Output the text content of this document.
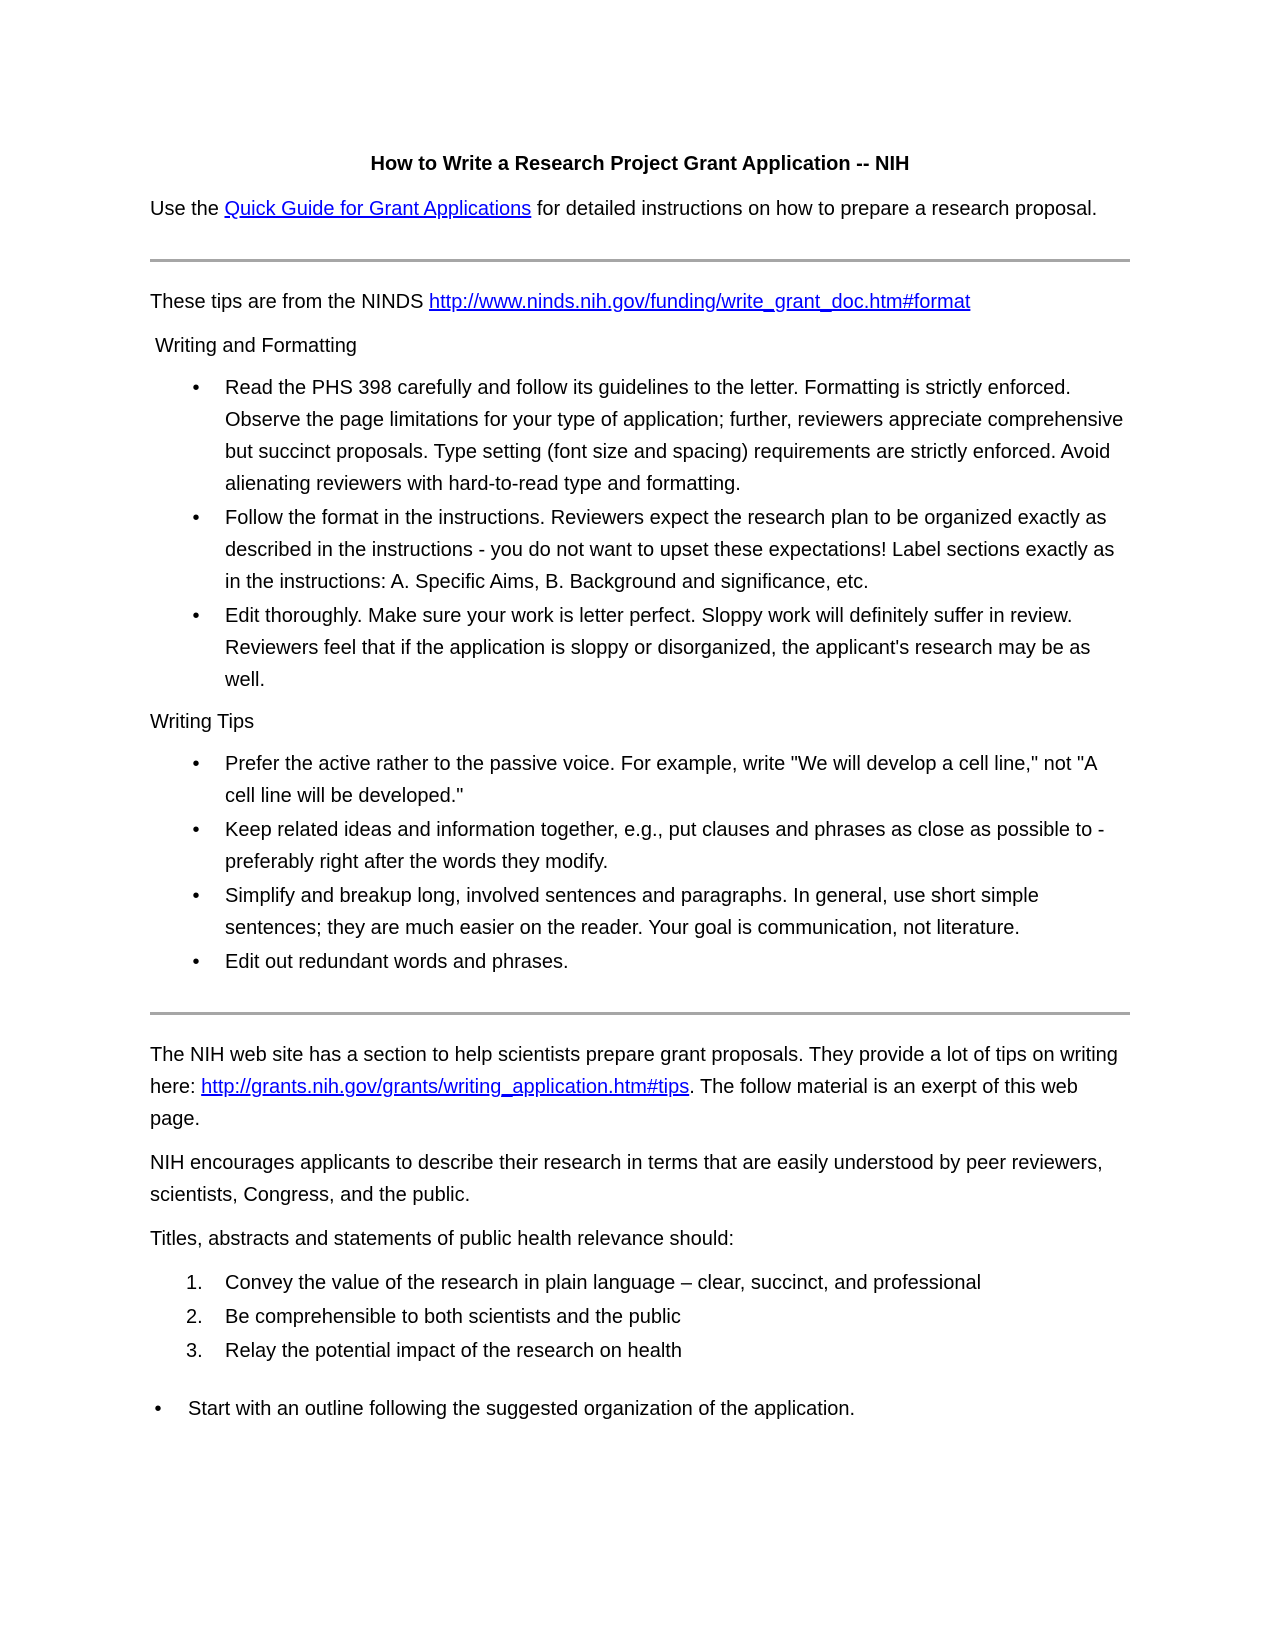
How to Write a Research Project Grant Application -- NIH

Use the Quick Guide for Grant Applications for detailed instructions on how to prepare a research proposal.

These tips are from the NINDS http://www.ninds.nih.gov/funding/write_grant_doc.htm#format

Writing and Formatting
•	Read the PHS 398 carefully and follow its guidelines to the letter. Formatting is strictly enforced. Observe the page limitations for your type of application; further, reviewers appreciate comprehensive but succinct proposals. Type setting (font size and spacing) requirements are strictly enforced. Avoid alienating reviewers with hard-to-read type and formatting.
•	Follow the format in the instructions. Reviewers expect the research plan to be organized exactly as described in the instructions - you do not want to upset these expectations! Label sections exactly as in the instructions: A. Specific Aims, B. Background and significance, etc.
•	Edit thoroughly. Make sure your work is letter perfect. Sloppy work will definitely suffer in review. Reviewers feel that if the application is sloppy or disorganized, the applicant's research may be as well.
Writing Tips
•	Prefer the active rather to the passive voice. For example, write "We will develop a cell line," not "A cell line will be developed."
•	Keep related ideas and information together, e.g., put clauses and phrases as close as possible to - preferably right after the words they modify.
•	Simplify and breakup long, involved sentences and paragraphs. In general, use short simple sentences; they are much easier on the reader. Your goal is communication, not literature.
•	Edit out redundant words and phrases.

The NIH web site has a section to help scientists prepare grant proposals. They provide a lot of tips on writing here: http://grants.nih.gov/grants/writing_application.htm#tips. The follow material is an exerpt of this web page.

NIH encourages applicants to describe their research in terms that are easily understood by peer reviewers, scientists, Congress, and the public.

Titles, abstracts and statements of public health relevance should:

1.	Convey the value of the research in plain language – clear, succinct, and professional
2.	Be comprehensible to both scientists and the public
3.	Relay the potential impact of the research on health
• Start with an outline following the suggested organization of the application.
